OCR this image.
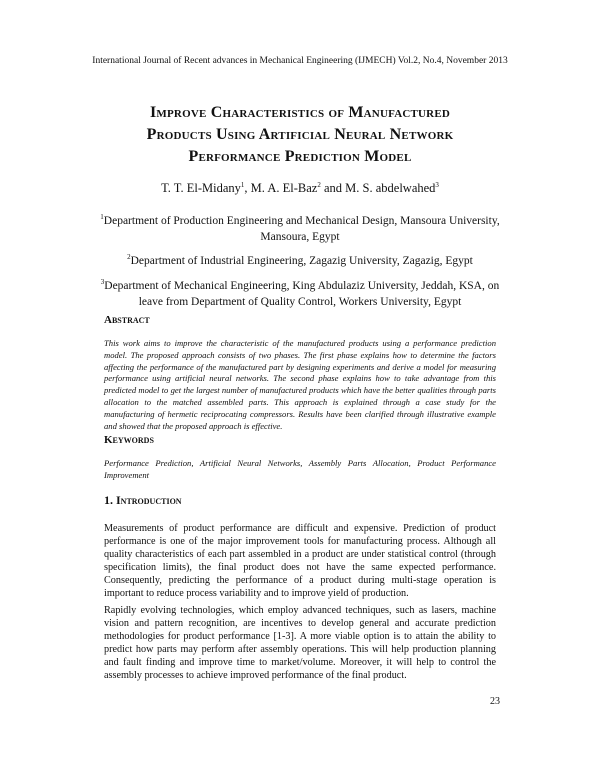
International Journal of Recent advances in Mechanical Engineering (IJMECH) Vol.2, No.4, November 2013
Improve Characteristics of Manufactured
Products Using Artificial Neural Network
Performance Prediction Model
T. T. El-Midany$^1$, M. A. El-Baz$^2$ and M. S. abdelwahed$^3$
$^1$Department of Production Engineering and Mechanical Design, Mansoura University, Mansoura, Egypt
$^2$Department of Industrial Engineering, Zagazig University, Zagazig, Egypt
$^3$Department of Mechanical Engineering, King Abdulaziz University, Jeddah, KSA, on leave from Department of Quality Control, Workers University, Egypt
Abstract
This work aims to improve the characteristic of the manufactured products using a performance prediction model. The proposed approach consists of two phases. The first phase explains how to determine the factors affecting the performance of the manufactured part by designing experiments and derive a model for measuring performance using artificial neural networks. The second phase explains how to take advantage from this predicted model to get the largest number of manufactured products which have the better qualities through parts allocation to the matched assembled parts. This approach is explained through a case study for the manufacturing of hermetic reciprocating compressors. Results have been clarified through illustrative example and showed that the proposed approach is effective.
Keywords
Performance Prediction, Artificial Neural Networks, Assembly Parts Allocation, Product Performance Improvement
1. Introduction
Measurements of product performance are difficult and expensive. Prediction of product performance is one of the major improvement tools for manufacturing process. Although all quality characteristics of each part assembled in a product are under statistical control (through specification limits), the final product does not have the same expected performance. Consequently, predicting the performance of a product during multi-stage operation is important to reduce process variability and to improve yield of production.
Rapidly evolving technologies, which employ advanced techniques, such as lasers, machine vision and pattern recognition, are incentives to develop general and accurate prediction methodologies for product performance [1-3]. A more viable option is to attain the ability to predict how parts may perform after assembly operations. This will help production planning and fault finding and improve time to market/volume. Moreover, it will help to control the assembly processes to achieve improved performance of the final product.
23
